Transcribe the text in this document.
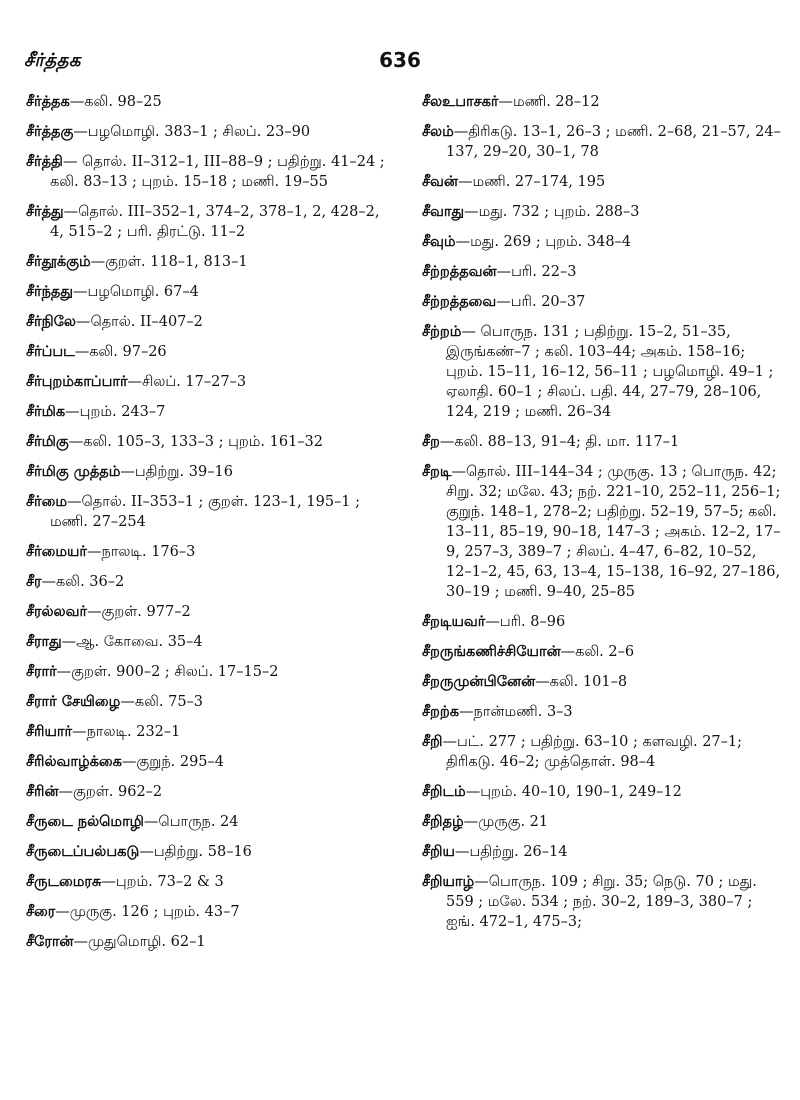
சீர்த்தக	636
சீர்த்தக—கலி. 98–25
சீர்த்தகு—பழமொழி. 383–1 ; சிலப். 23–90
சீர்த்தி— தொல். II–312–1, III–88–9 ; பதிற்று. 41–24 ; கலி. 83–13 ; புறம். 15–18 ; மணி. 19–55
சீர்த்து—தொல். III–352–1, 374–2, 378–1, 2, 428–2, 4, 515–2 ; பரி. திரட்டு. 11–2
சீர்தூக்கும்—குறள். 118–1, 813–1
சீர்ந்தது—பழமொழி. 67–4
சீர்நிலே—தொல். II–407–2
சீர்ப்பட—கலி. 97–26
சீர்புறம்காப்பார்—சிலப். 17–27–3
சீர்மிக—புறம். 243–7
சீர்மிகு—கலி. 105–3, 133–3 ; புறம். 161–32
சீர்மிகு முத்தம்—பதிற்று. 39–16
சீர்மை—தொல். II–353–1 ; குறள். 123–1, 195–1 ; மணி. 27–254
சீர்மையர்—நாலடி. 176–3
சீர—கலி. 36–2
சீரல்லவர்—குறள். 977–2
சீராது—ஆ. கோவை. 35–4
சீரார்—குறள். 900–2 ; சிலப். 17–15–2
சீரார் சேயிழை—கலி. 75–3
சீரியார்—நாலடி. 232–1
சீரில்வாழ்க்கை—குறுந். 295–4
சீரின்—குறள். 962–2
சீருடை நல்மொழி—பொருந. 24
சீருடைப்பல்பகடு—பதிற்று. 58–16
சீருடமைரசு—புறம். 73–2 & 3
சீரை—முருகு. 126 ; புறம். 43–7
சீரோன்—முதுமொழி. 62–1
சீலஉபாசகர்—மணி. 28–12
சீலம்—திரிகடு. 13–1, 26–3 ; மணி. 2–68, 21–57, 24–137, 29–20, 30–1, 78
சீவன்—மணி. 27–174, 195
சீவாது—மது. 732 ; புறம். 288–3
சீவும்—மது. 269 ; புறம். 348–4
சீற்றத்தவன்—பரி. 22–3
சீற்றத்தவை—பரி. 20–37
சீற்றம்— பொருந. 131 ; பதிற்று. 15–2, 51–35, இருங்கண்–7 ; கலி. 103–44; அகம். 158–16; புறம். 15–11, 16–12, 56–11 ; பழமொழி. 49–1 ; ஏலாதி. 60–1 ; சிலப். பதி. 44, 27–79, 28–106, 124, 219 ; மணி. 26–34
சீற—கலி. 88–13, 91–4; தி. மா. 117–1
சீறடி—தொல். III–144–34 ; முருகு. 13 ; பொருந. 42; சிறு. 32; மலே. 43; நற். 221–10, 252–11, 256–1; குறுந். 148–1, 278–2; பதிற்று. 52–19, 57–5; கலி. 13–11, 85–19, 90–18, 147–3 ; அகம். 12–2, 17–9, 257–3, 389–7 ; சிலப். 4–47, 6–82, 10–52, 12–1–2, 45, 63, 13–4, 15–138, 16–92, 27–186, 30–19 ; மணி. 9–40, 25–85
சீறடியவர்—பரி. 8–96
சீறருங்கணிச்சியோன்—கலி. 2–6
சீறருமுன்பினேன்—கலி. 101–8
சீறற்க—நான்மணி. 3–3
சீறி—பட். 277 ; பதிற்று. 63–10 ; களவழி. 27–1; திரிகடு. 46–2; முத்தொள். 98–4
சீறிடம்—புறம். 40–10, 190–1, 249–12
சீறிதழ்—முருகு. 21
சீறிய—பதிற்று. 26–14
சீறியாழ்—பொருந. 109 ; சிறு. 35; நெடு. 70 ; மது. 559 ; மலே. 534 ; நற். 30–2, 189–3, 380–7 ; ஐங். 472–1, 475–3;
